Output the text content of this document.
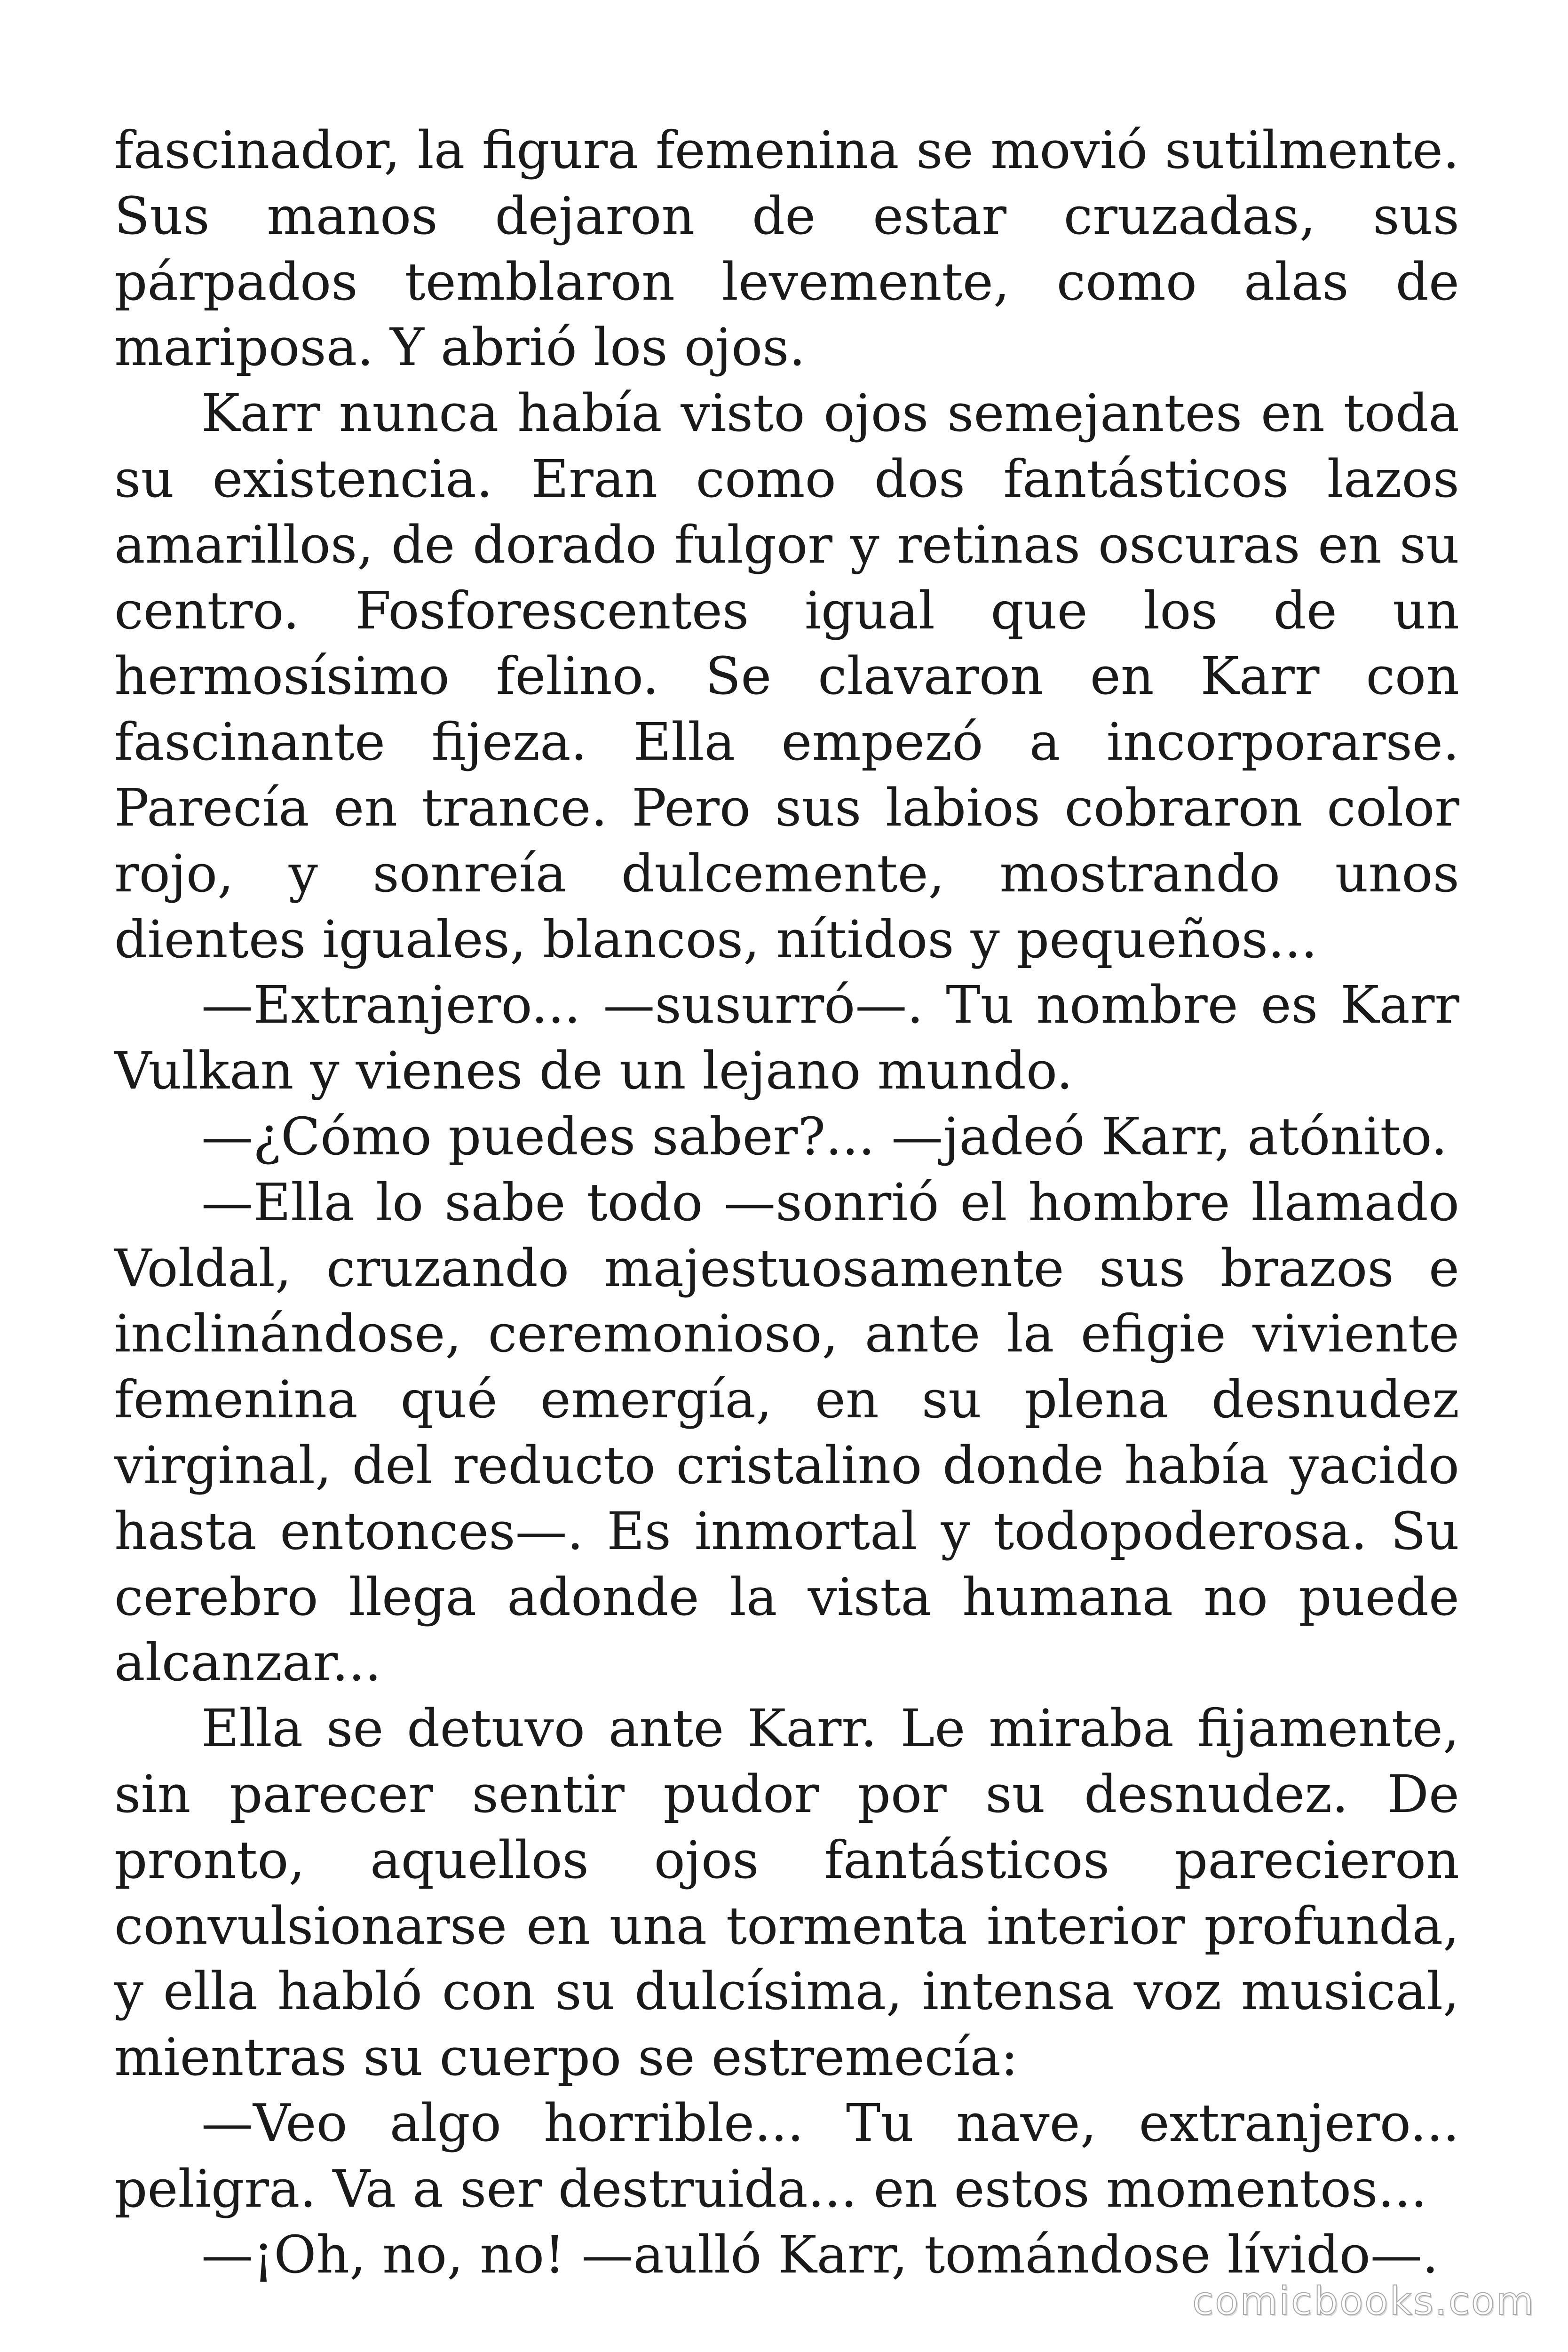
fascinador, la figura femenina se movió sutilmente. Sus manos dejaron de estar cruzadas, sus párpados temblaron levemente, como alas de mariposa. Y abrió los ojos.

Karr nunca había visto ojos semejantes en toda su existencia. Eran como dos fantásticos lazos amarillos, de dorado fulgor y retinas oscuras en su centro. Fosforescentes igual que los de un hermosísimo felino. Se clavaron en Karr con fascinante fijeza. Ella empezó a incorporarse. Parecía en trance. Pero sus labios cobraron color rojo, y sonreía dulcemente, mostrando unos dientes iguales, blancos, nítidos y pequeños...

—Extranjero... —susurró—. Tu nombre es Karr Vulkan y vienes de un lejano mundo.

—¿Cómo puedes saber?... —jadeó Karr, atónito.

—Ella lo sabe todo —sonrió el hombre llamado Voldal, cruzando majestuosamente sus brazos e inclinándose, ceremonioso, ante la efigie viviente femenina qué emergía, en su plena desnudez virginal, del reducto cristalino donde había yacido hasta entonces—. Es inmortal y todopoderosa. Su cerebro llega adonde la vista humana no puede alcanzar...

Ella se detuvo ante Karr. Le miraba fijamente, sin parecer sentir pudor por su desnudez. De pronto, aquellos ojos fantásticos parecieron convulsionarse en una tormenta interior profunda, y ella habló con su dulcísima, intensa voz musical, mientras su cuerpo se estremecía:

—Veo algo horrible... Tu nave, extranjero... peligra. Va a ser destruida... en estos momentos...

—¡Oh, no, no! —aulló Karr, tomándose lívido—.

comicbooks.com
